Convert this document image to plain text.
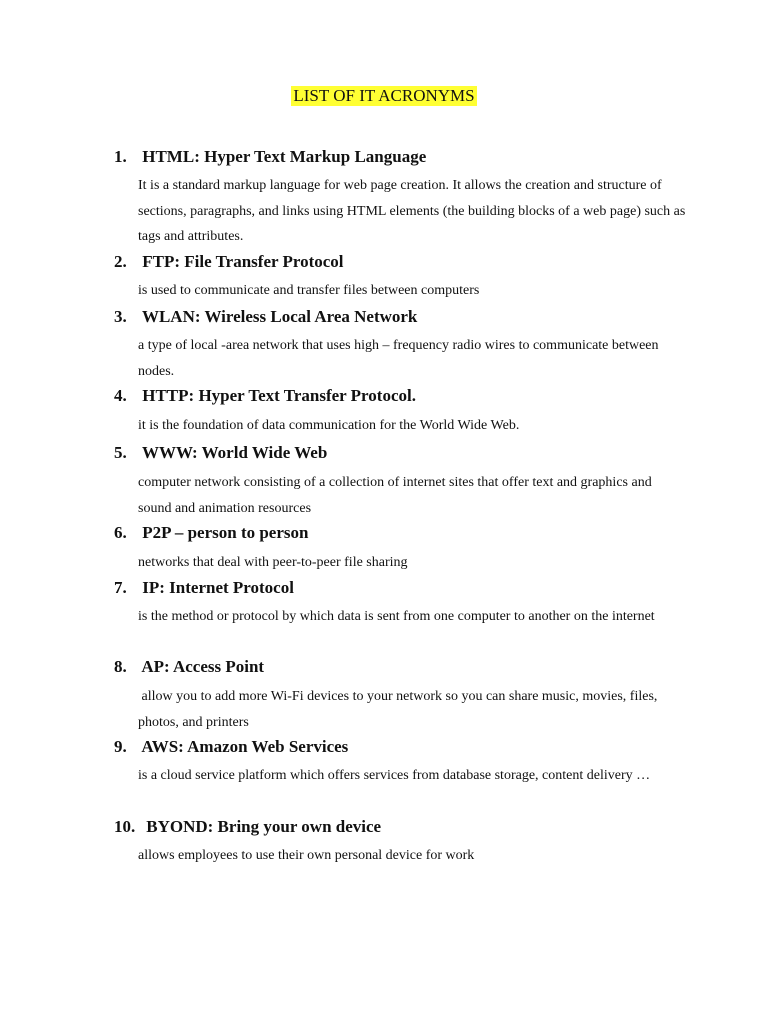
LIST OF IT ACRONYMS
1. HTML: Hyper Text Markup Language
It is a standard markup language for web page creation. It allows the creation and structure of sections, paragraphs, and links using HTML elements (the building blocks of a web page) such as tags and attributes.
2. FTP: File Transfer Protocol
is used to communicate and transfer files between computers
3. WLAN: Wireless Local Area Network
a type of local -area network that uses high – frequency radio wires to communicate between nodes.
4. HTTP: Hyper Text Transfer Protocol.
it is the foundation of data communication for the World Wide Web.
5. WWW: World Wide Web
computer network consisting of a collection of internet sites that offer text and graphics and sound and animation resources
6. P2P – person to person
networks that deal with peer-to-peer file sharing
7. IP: Internet Protocol
is the method or protocol by which data is sent from one computer to another on the internet
8. AP: Access Point
allow you to add more Wi-Fi devices to your network so you can share music, movies, files, photos, and printers
9. AWS: Amazon Web Services
is a cloud service platform which offers services from database storage, content delivery …
10. BYOND: Bring your own device
allows employees to use their own personal device for work
